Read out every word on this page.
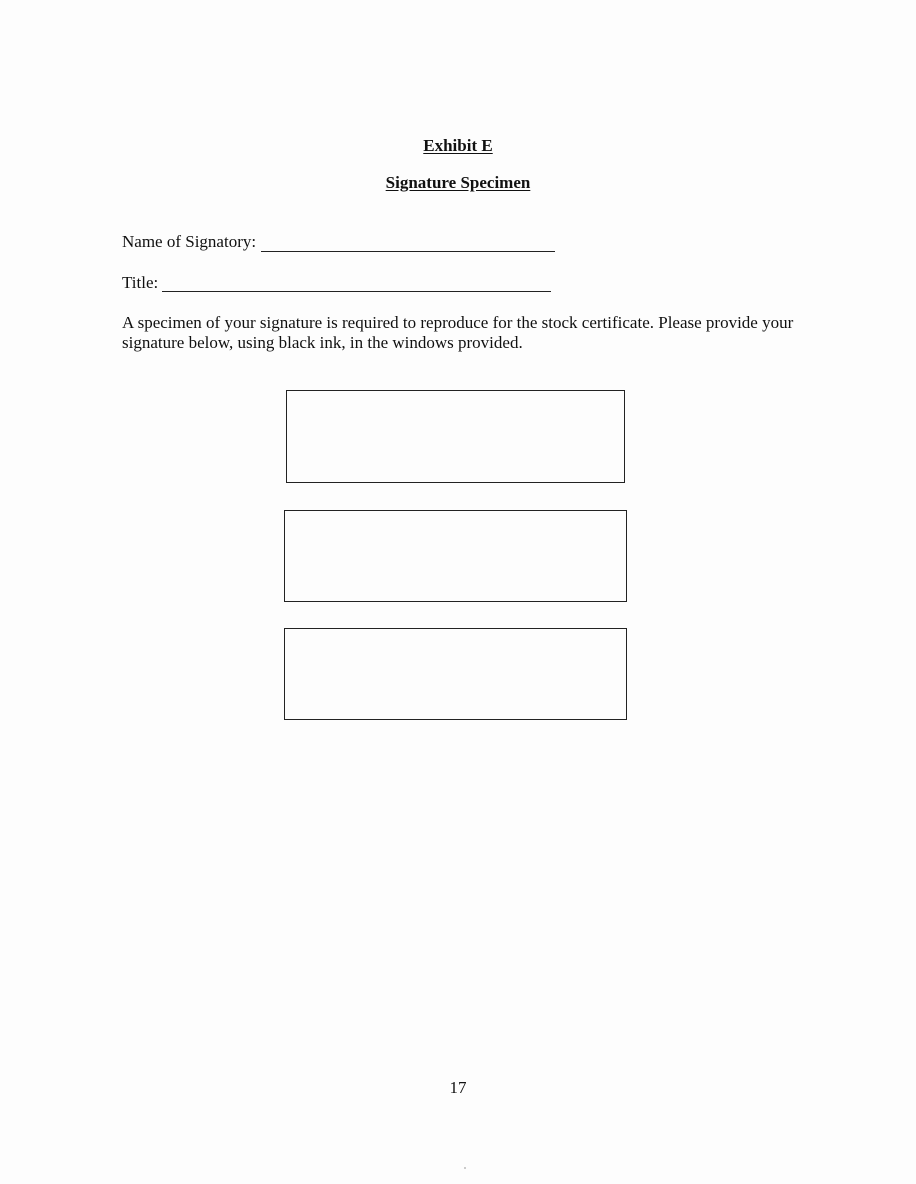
Exhibit E
Signature Specimen
Name of Signatory:
Title:
A specimen of your signature is required to reproduce for the stock certificate. Please provide your signature below, using black ink, in the windows provided.
17
